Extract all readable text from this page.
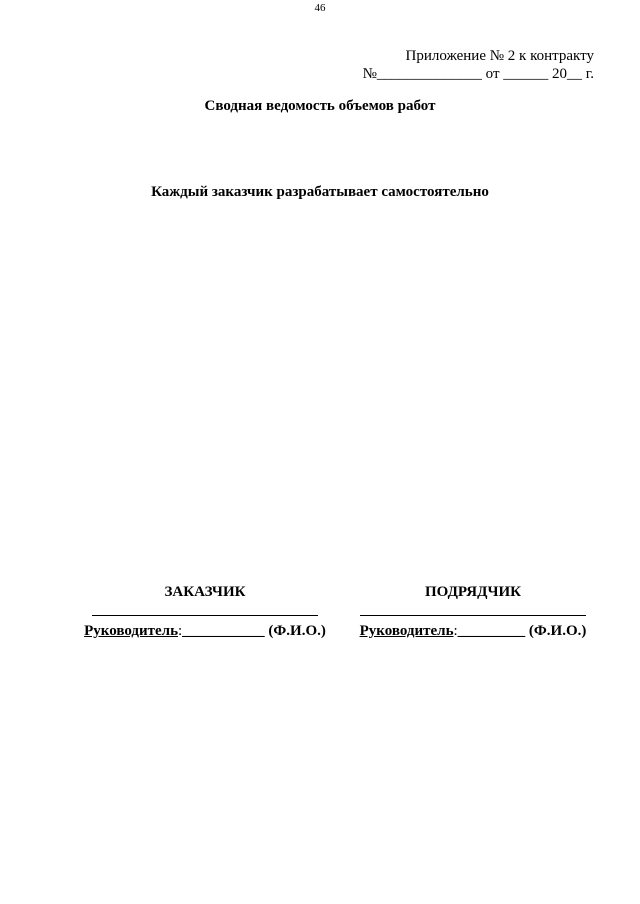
46
Приложение № 2 к контракту
№______________ от ______ 20__ г.
Сводная ведомость объемов работ
Каждый заказчик разрабатывает самостоятельно
ЗАКАЗЧИК
Руководитель:___________ (Ф.И.О.)
ПОДРЯДЧИК
Руководитель:_________ (Ф.И.О.)
